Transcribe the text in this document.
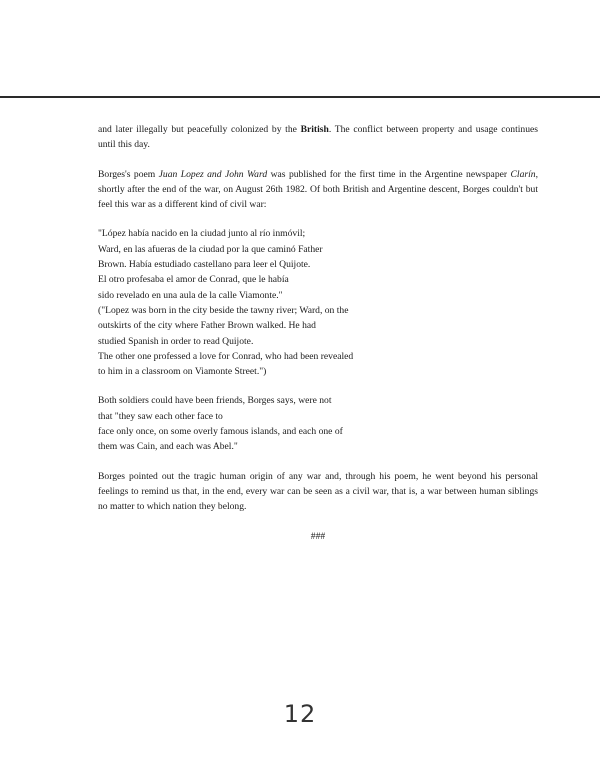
and later illegally but peacefully colonized by the British. The conflict between property and usage continues until this day.

Borges's poem Juan Lopez and John Ward was published for the first time in the Argentine newspaper Clarín, shortly after the end of the war, on August 26th 1982. Of both British and Argentine descent, Borges couldn't but feel this war as a different kind of civil war:

"López había nacido en la ciudad junto al río inmóvil;
Ward, en las afueras de la ciudad por la que caminó Father
Brown. Había estudiado castellano para leer el Quijote.
El otro profesaba el amor de Conrad, que le había
sido revelado en una aula de la calle Viamonte."
("Lopez was born in the city beside the tawny river; Ward, on the
outskirts of the city where Father Brown walked. He had
studied Spanish in order to read Quijote.
The other one professed a love for Conrad, who had been revealed
to him in a classroom on Viamonte Street.")
Both soldiers could have been friends, Borges says, were not
that "they saw each other face to
face only once, on some overly famous islands, and each one of
them was Cain, and each was Abel."

Borges pointed out the tragic human origin of any war and, through his poem, he went beyond his personal feelings to remind us that, in the end, every war can be seen as a civil war, that is, a war between human siblings no matter to which nation they belong.

###

12
